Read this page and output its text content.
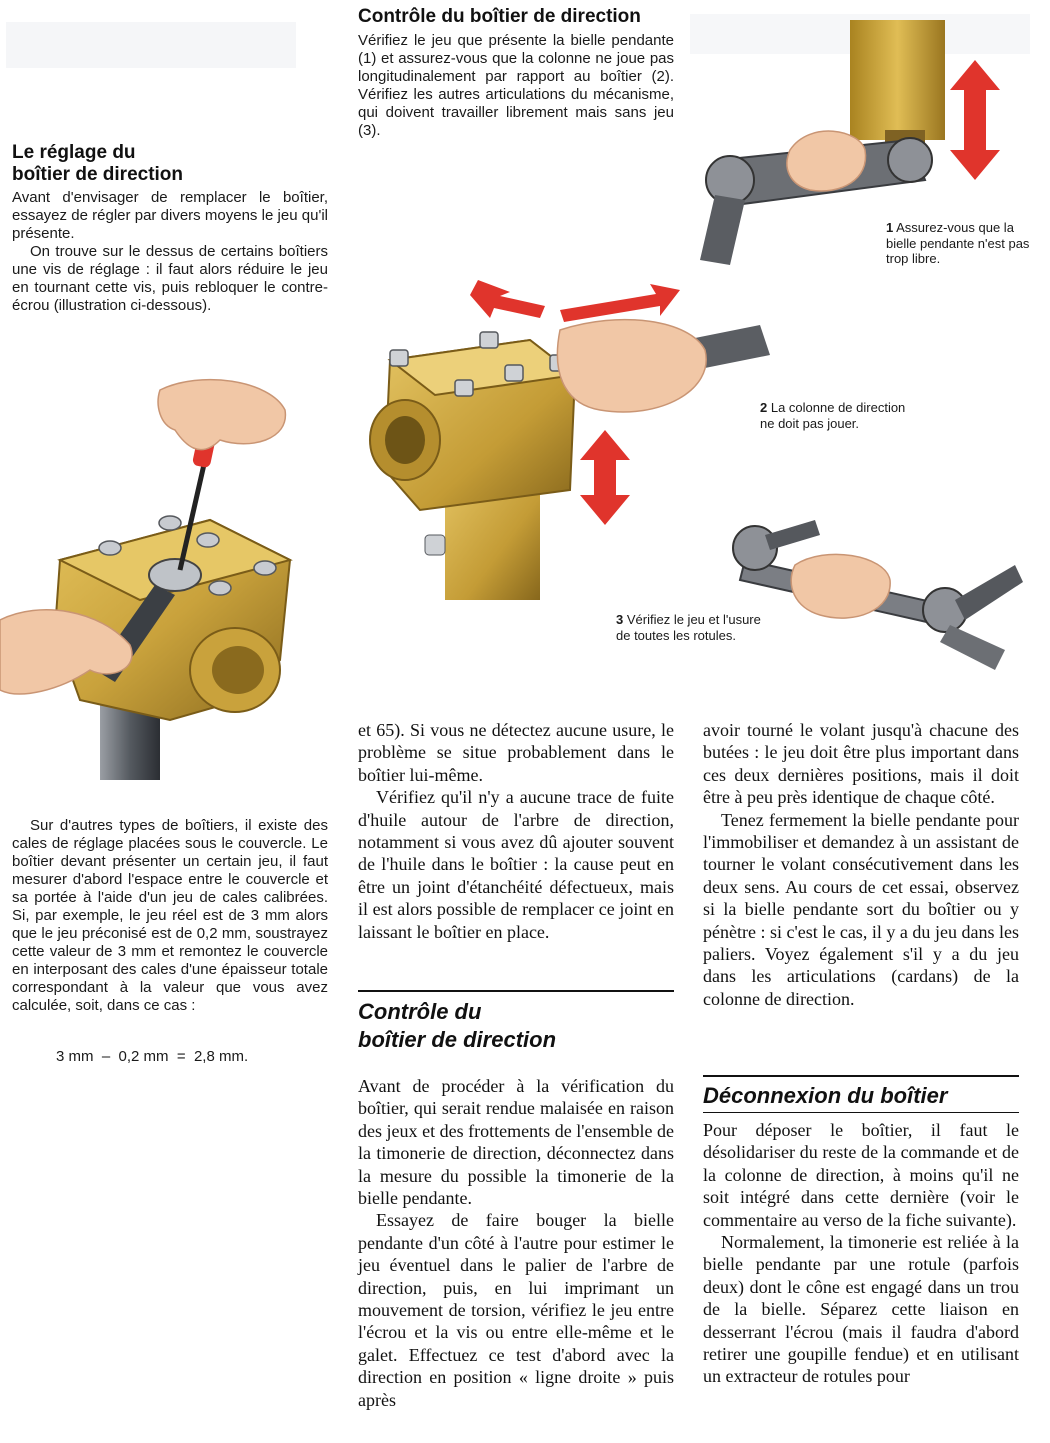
Le réglage du
boîtier de direction
Avant d'envisager de remplacer le boîtier, essayez de régler par divers moyens le jeu qu'il présente.
On trouve sur le dessus de certains boîtiers une vis de réglage : il faut alors réduire le jeu en tournant cette vis, puis rebloquer le contre-écrou (illustration ci-dessous).
Sur d'autres types de boîtiers, il existe des cales de réglage placées sous le couvercle. Le boîtier devant présenter un certain jeu, il faut mesurer d'abord l'espace entre le couvercle et sa portée à l'aide d'un jeu de cales calibrées. Si, par exemple, le jeu réel est de 3 mm alors que le jeu préconisé est de 0,2 mm, soustrayez cette valeur de 3 mm et remontez le couvercle en interposant des cales d'une épaisseur totale correspondant à la valeur que vous avez calculée, soit, dans ce cas :
3 mm  –  0,2 mm  =  2,8 mm.
Contrôle du boîtier de direction
Vérifiez le jeu que présente la bielle pendante (1) et assurez-vous que la colonne ne joue pas longitudinalement par rapport au boîtier (2). Vérifiez les autres articulations du mécanisme, qui doivent travailler librement mais sans jeu (3).
1 Assurez-vous que la bielle pendante n'est pas trop libre.
2 La colonne de direction ne doit pas jouer.
3 Vérifiez le jeu et l'usure de toutes les rotules.

et 65). Si vous ne détectez aucune usure, le problème se situe probablement dans le boîtier lui-même.

Vérifiez qu'il n'y a aucune trace de fuite d'huile autour de l'arbre de direction, notamment si vous avez dû ajouter souvent de l'huile dans le boîtier : la cause peut en être un joint d'étanchéité défectueux, mais il est alors possible de remplacer ce joint en laissant le boîtier en place.

Contrôle du
boîtier de direction

Avant de procéder à la vérification du boîtier, qui serait rendue malaisée en raison des jeux et des frottements de l'ensemble de la timonerie de direction, déconnectez dans la mesure du possible la timonerie de la bielle pendante.

Essayez de faire bouger la bielle pendante d'un côté à l'autre pour estimer le jeu éventuel dans le palier de l'arbre de direction, puis, en lui imprimant un mouvement de torsion, vérifiez le jeu entre l'écrou et la vis ou entre elle-même et le galet. Effectuez ce test d'abord avec la direction en position « ligne droite » puis après

avoir tourné le volant jusqu'à chacune des butées : le jeu doit être plus important dans ces deux dernières positions, mais il doit être à peu près identique de chaque côté.

Tenez fermement la bielle pendante pour l'immobiliser et demandez à un assistant de tourner le volant consécutivement dans les deux sens. Au cours de cet essai, observez si la bielle pendante sort du boîtier ou y pénètre : si c'est le cas, il y a du jeu dans les paliers. Voyez également s'il y a du jeu dans les articulations (cardans) de la colonne de direction.

Déconnexion du boîtier

Pour déposer le boîtier, il faut le désolidariser du reste de la commande et de la colonne de direction, à moins qu'il ne soit intégré dans cette dernière (voir le commentaire au verso de la fiche suivante).

Normalement, la timonerie est reliée à la bielle pendante par une rotule (parfois deux) dont le cône est engagé dans un trou de la bielle. Séparez cette liaison en desserrant l'écrou (mais il faudra d'abord retirer une goupille fendue) et en utilisant un extracteur de rotules pour
